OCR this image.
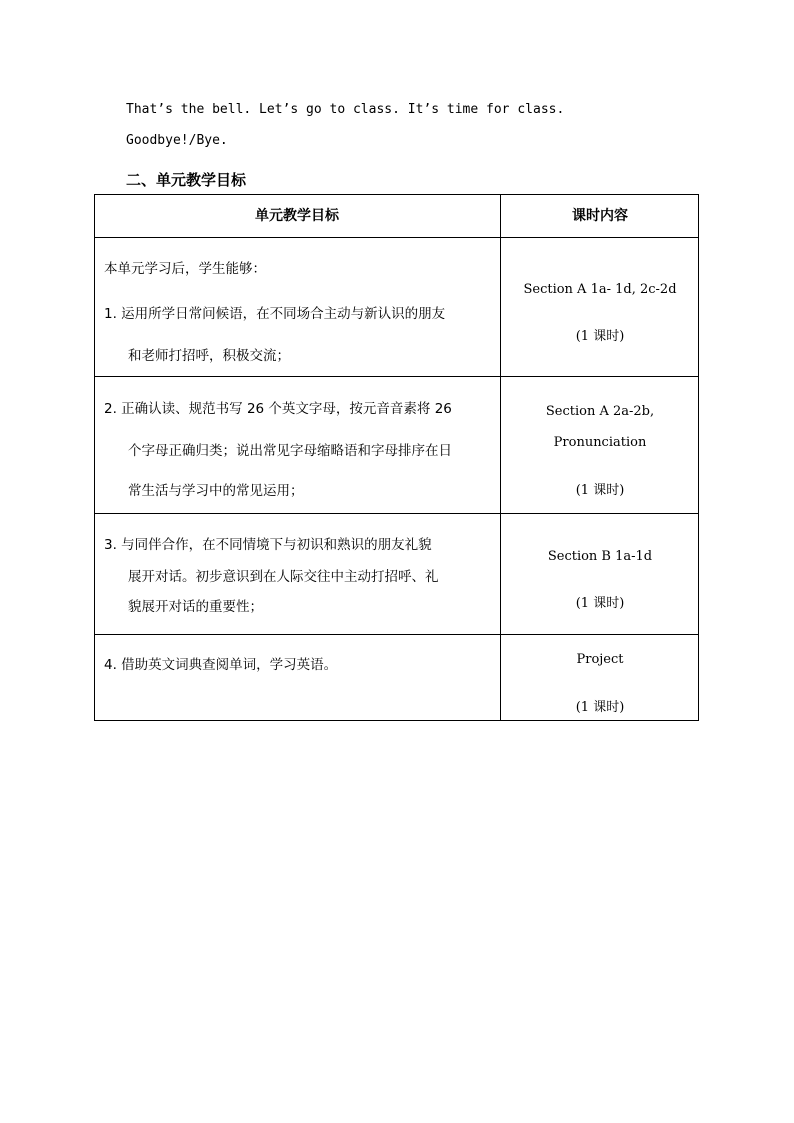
That’s the bell. Let’s go to class. It’s time for class.
Goodbye!/Bye.
二、单元教学目标
单元教学目标	课时内容
本单元学习后，学生能够：
1. 运用所学日常问候语，在不同场合主动与新认识的朋友
和老师打招呼，积极交流；
Section A 1a- 1d, 2c-2d
(1 课时)
2. 正确认读、规范书写 26 个英文字母，按元音音素将 26
个字母正确归类；说出常见字母缩略语和字母排序在日
常生活与学习中的常见运用；
Section A 2a-2b,
Pronunciation
(1 课时)
3. 与同伴合作，在不同情境下与初识和熟识的朋友礼貌
展开对话。初步意识到在人际交往中主动打招呼、礼
貌展开对话的重要性；
Section B 1a-1d
(1 课时)
4. 借助英文词典查阅单词，学习英语。	Project
(1 课时)
